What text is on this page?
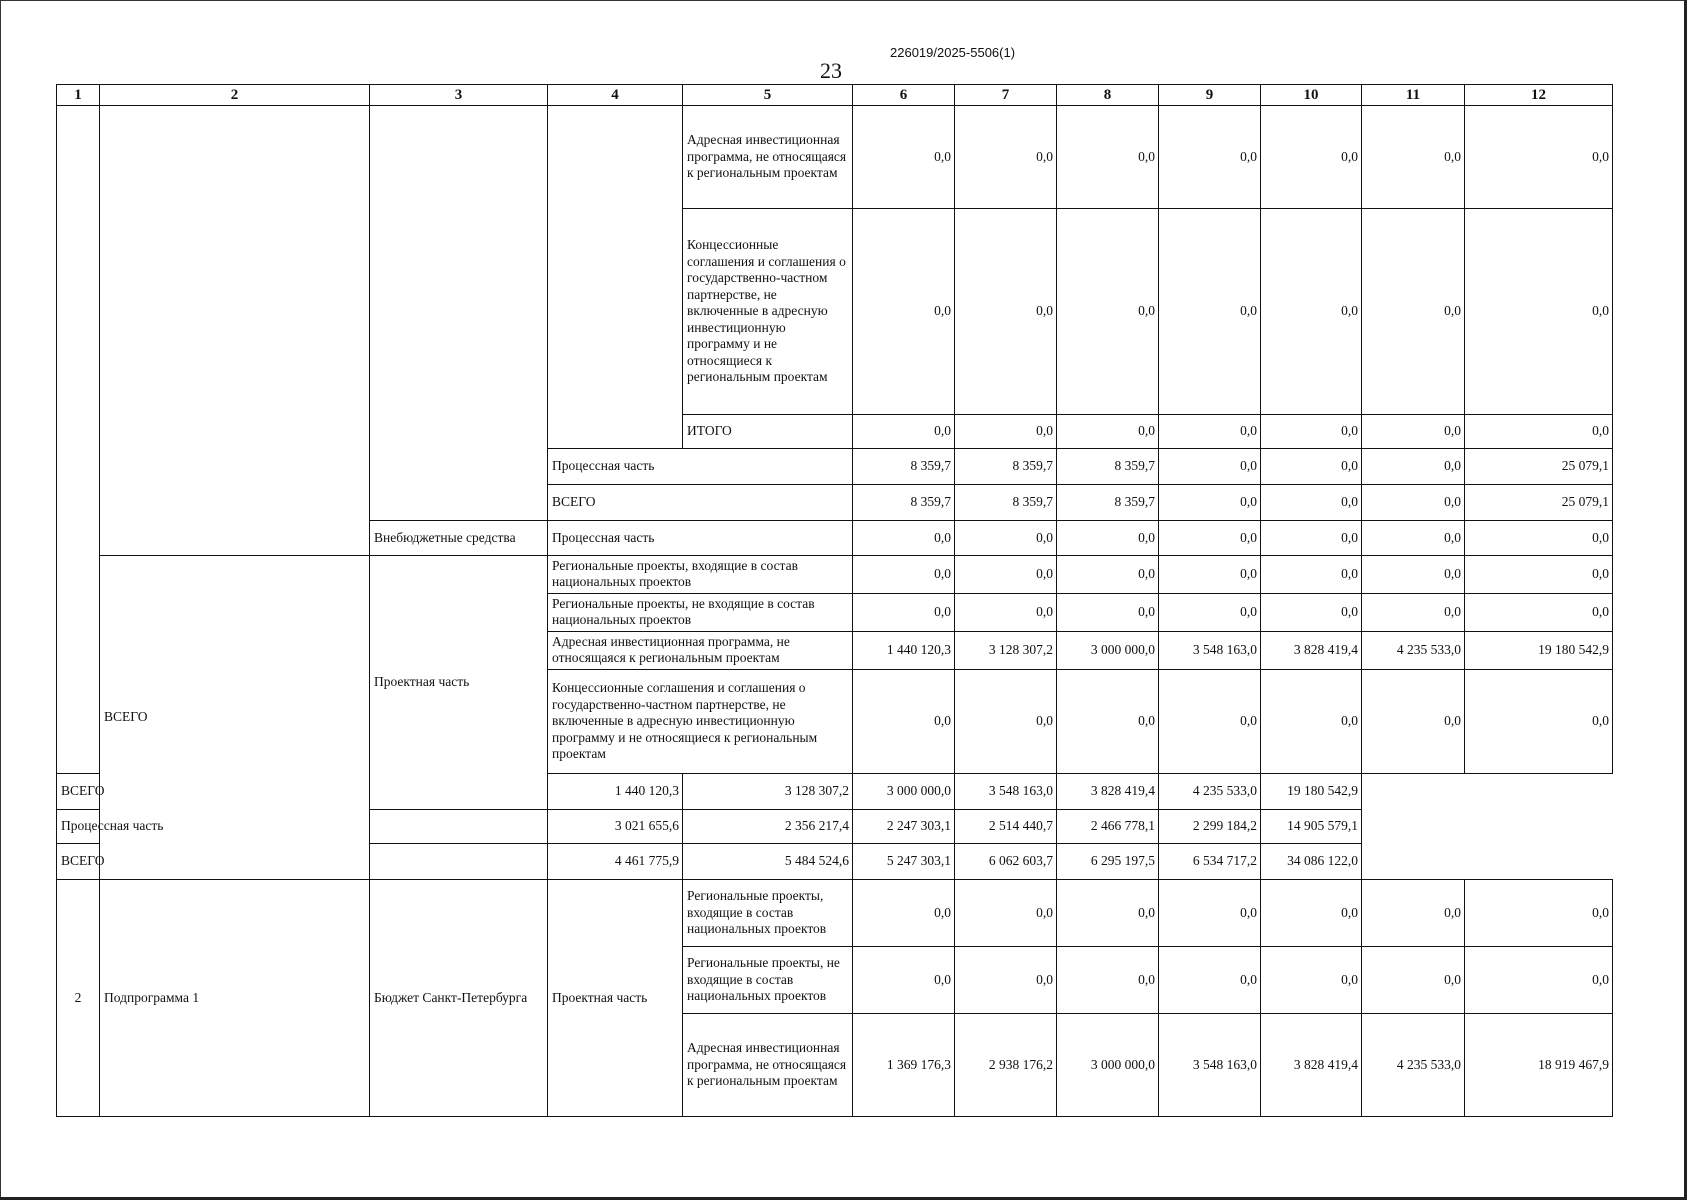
226019/2025-5506(1)
23
1	2	3	4	5	6	7	8	9	10	11	12
				Адресная инвестиционная программа, не относящаяся к региональным проектам	0,0	0,0	0,0	0,0	0,0	0,0	0,0
				Концессионные соглашения и соглашения о государственно-частном партнерстве, не включенные в адресную инвестиционную программу и не относящиеся к региональным проектам	0,0	0,0	0,0	0,0	0,0	0,0	0,0
				ИТОГО	0,0	0,0	0,0	0,0	0,0	0,0	0,0
			Процессная часть		8 359,7	8 359,7	8 359,7	0,0	0,0	0,0	25 079,1
			ВСЕГО		8 359,7	8 359,7	8 359,7	0,0	0,0	0,0	25 079,1
		Внебюджетные средства	Процессная часть		0,0	0,0	0,0	0,0	0,0	0,0	0,0
	ВСЕГО	Проектная часть	Региональные проекты, входящие в состав национальных проектов		0,0	0,0	0,0	0,0	0,0	0,0	0,0
			Региональные проекты, не входящие в состав национальных проектов		0,0	0,0	0,0	0,0	0,0	0,0	0,0
			Адресная инвестиционная программа, не относящаяся к региональным проектам		1 440 120,3	3 128 307,2	3 000 000,0	3 548 163,0	3 828 419,4	4 235 533,0	19 180 542,9
			Концессионные соглашения и соглашения о государственно-частном партнерстве, не включенные в адресную инвестиционную программу и не относящиеся к региональным проектам		0,0	0,0	0,0	0,0	0,0	0,0	0,0
ВСЕГО			1 440 120,3	3 128 307,2	3 000 000,0	3 548 163,0	3 828 419,4	4 235 533,0	19 180 542,9		
Процессная часть			3 021 655,6	2 356 217,4	2 247 303,1	2 514 440,7	2 466 778,1	2 299 184,2	14 905 579,1		
ВСЕГО			4 461 775,9	5 484 524,6	5 247 303,1	6 062 603,7	6 295 197,5	6 534 717,2	34 086 122,0		
2	Подпрограмма 1	Бюджет Санкт-Петербурга	Проектная часть	Региональные проекты, входящие в состав национальных проектов	0,0	0,0	0,0	0,0	0,0	0,0	0,0
				Региональные проекты, не входящие в состав национальных проектов	0,0	0,0	0,0	0,0	0,0	0,0	0,0
				Адресная инвестиционная программа, не относящаяся к региональным проектам	1 369 176,3	2 938 176,2	3 000 000,0	3 548 163,0	3 828 419,4	4 235 533,0	18 919 467,9
